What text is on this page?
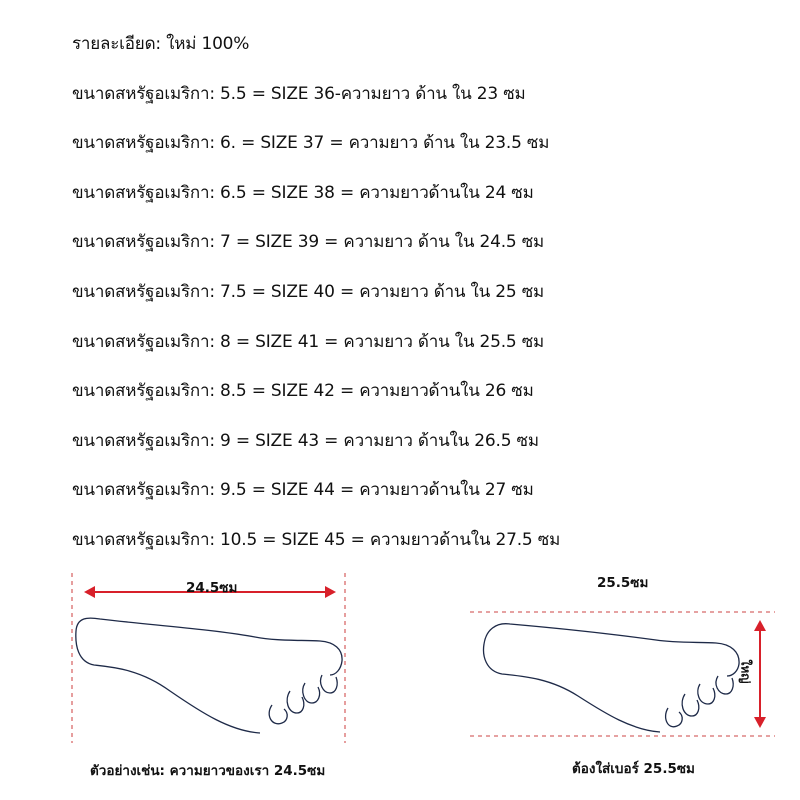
รายละเอียด: ใหม่ 100%
ขนาดสหรัฐอเมริกา: 5.5 = SIZE 36-ความยาว ด้าน ใน 23 ซม
ขนาดสหรัฐอเมริกา: 6. = SIZE 37 = ความยาว ด้าน ใน 23.5 ซม
ขนาดสหรัฐอเมริกา: 6.5 = SIZE 38 = ความยาวด้านใน 24 ซม
ขนาดสหรัฐอเมริกา: 7 = SIZE 39 = ความยาว ด้าน ใน 24.5 ซม
ขนาดสหรัฐอเมริกา: 7.5 = SIZE 40 = ความยาว ด้าน ใน 25 ซม
ขนาดสหรัฐอเมริกา: 8 = SIZE 41 = ความยาว ด้าน ใน 25.5 ซม
ขนาดสหรัฐอเมริกา: 8.5 = SIZE 42 = ความยาวด้านใน 26 ซม
ขนาดสหรัฐอเมริกา: 9 = SIZE 43 = ความยาว ด้านใน 26.5 ซม
ขนาดสหรัฐอเมริกา: 9.5 = SIZE 44 = ความยาวด้านใน 27 ซม
ขนาดสหรัฐอเมริกา: 10.5 = SIZE 45 = ความยาวด้านใน 27.5 ซม
24.5ซม
ตัวอย่างเช่น: ความยาวของเรา 24.5ซม
25.5ซม
ใหญ่
ต้องใส่เบอร์ 25.5ซม
